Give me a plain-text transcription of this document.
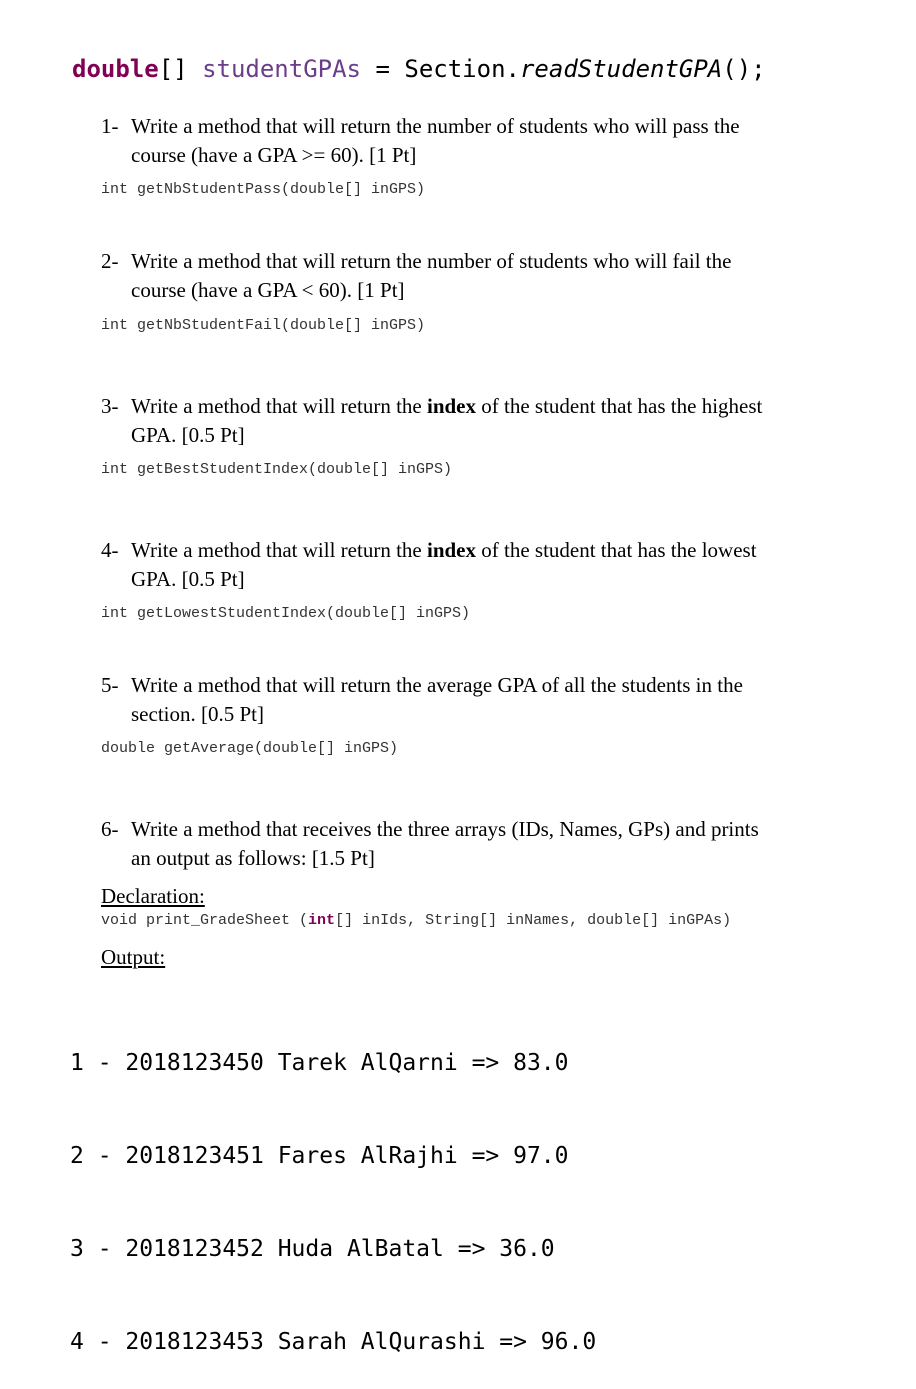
double[] studentGPAs = Section.readStudentGPA();
1- Write a method that will return the number of students who will pass the
course (have a GPA >= 60). [1 Pt]
int getNbStudentPass(double[] inGPS)
2- Write a method that will return the number of students who will fail the
course (have a GPA < 60). [1 Pt]
int getNbStudentFail(double[] inGPS)
3- Write a method that will return the index of the student that has the highest
GPA. [0.5 Pt]
int getBestStudentIndex(double[] inGPS)
4- Write a method that will return the index of the student that has the lowest
GPA. [0.5 Pt]
int getLowestStudentIndex(double[] inGPS)
5- Write a method that will return the average GPA of all the students in the
section. [0.5 Pt]
double getAverage(double[] inGPS)
6- Write a method that receives the three arrays (IDs, Names, GPs) and prints
an output as follows: [1.5 Pt]
Declaration:
void print_GradeSheet (int[] inIds, String[] inNames, double[] inGPAs)
Output:

1 - 2018123450 Tarek AlQarni => 83.0

2 - 2018123451 Fares AlRajhi => 97.0

3 - 2018123452 Huda AlBatal => 36.0

4 - 2018123453 Sarah AlQurashi => 96.0
